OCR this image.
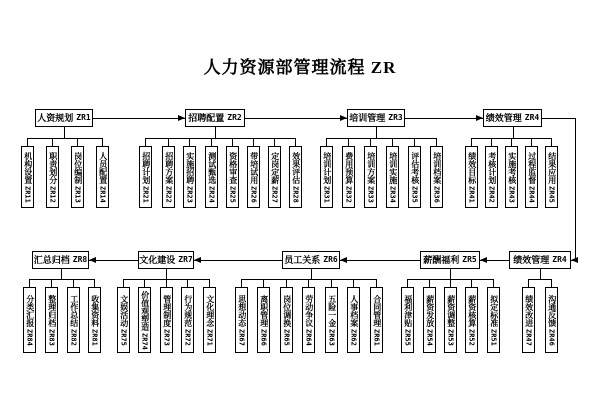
人力资源部管理流程 ZR
人资规划 ZR1
机构设置ZR11
职责划分ZR12
岗位编制ZR13
人员配置ZR14
招聘配置 ZR2
招聘计划ZR21
招聘方案ZR22
实施招聘ZR23
测试甄选ZR24
资格审查ZR25
带培试用ZR26
定岗定薪ZR27
效果评估ZR28
培训管理 ZR3
培训计划ZR31
费用预算ZR32
培训方案ZR33
培训实施ZR34
评估考核ZR35
培训档案ZR36
绩效管理 ZR4
绩效目标ZR41
考核计划ZR42
实施考核ZR43
过程监督ZR44
结果应用ZR45
汇总归档 ZR8
分类汇报ZR84
整理归档ZR83
工作总结ZR82
收集资料ZR81
文化建设 ZR7
文娱活动ZR75
价值观塑造ZR74
管理制度ZR73
行为规范ZR72
文化理念ZR71
员工关系 ZR6
思想动态ZR67
离职管理ZR66
岗位调换ZR65
劳动争议ZR64
五险一金ZR63
人事档案ZR62
合同管理ZR61
薪酬福利 ZR5
福利津贴ZR55
薪资发放ZR54
薪资调整ZR53
薪资核算ZR52
拟定标准ZR51
绩效管理 ZR4
绩效改进ZR47
沟通反馈ZR46
